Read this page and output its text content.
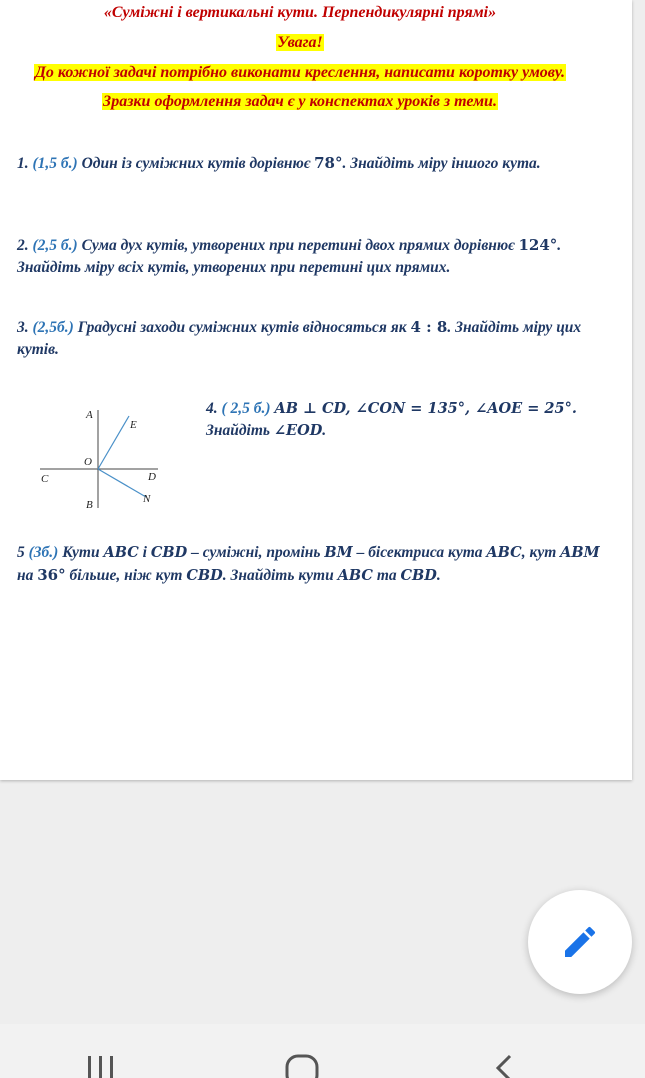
«Суміжні і вертикальні кути. Перпендикулярні прямі»
Увага!
До кожної задачі потрібно виконати креслення, написати коротку умову.
Зразки оформлення задач є у конспектах уроків з теми.
1. (1,5 б.) Один із суміжних кутів дорівнює 78°. Знайдіть міру іншого кута.
2. (2,5 б.) Сума дух кутів, утворених при перетині двох прямих дорівнює 124°. Знайдіть міру всіх кутів, утворених при перетині цих прямих.
3. (2,5б.) Градусні заходи суміжних кутів відносяться як 4 : 8. Знайдіть міру цих кутів.
A
E
O
C	D
B	N
4. ( 2,5 б.) AB ⊥ CD, ∠CON = 135°, ∠AOE = 25°.
Знайдіть ∠EOD.
5 (3б.) Кути ABC і CBD – суміжні, промінь BM – бісектриса кута ABC, кут ABM на 36° більше, ніж кут CBD. Знайдіть кути ABC та CBD.
